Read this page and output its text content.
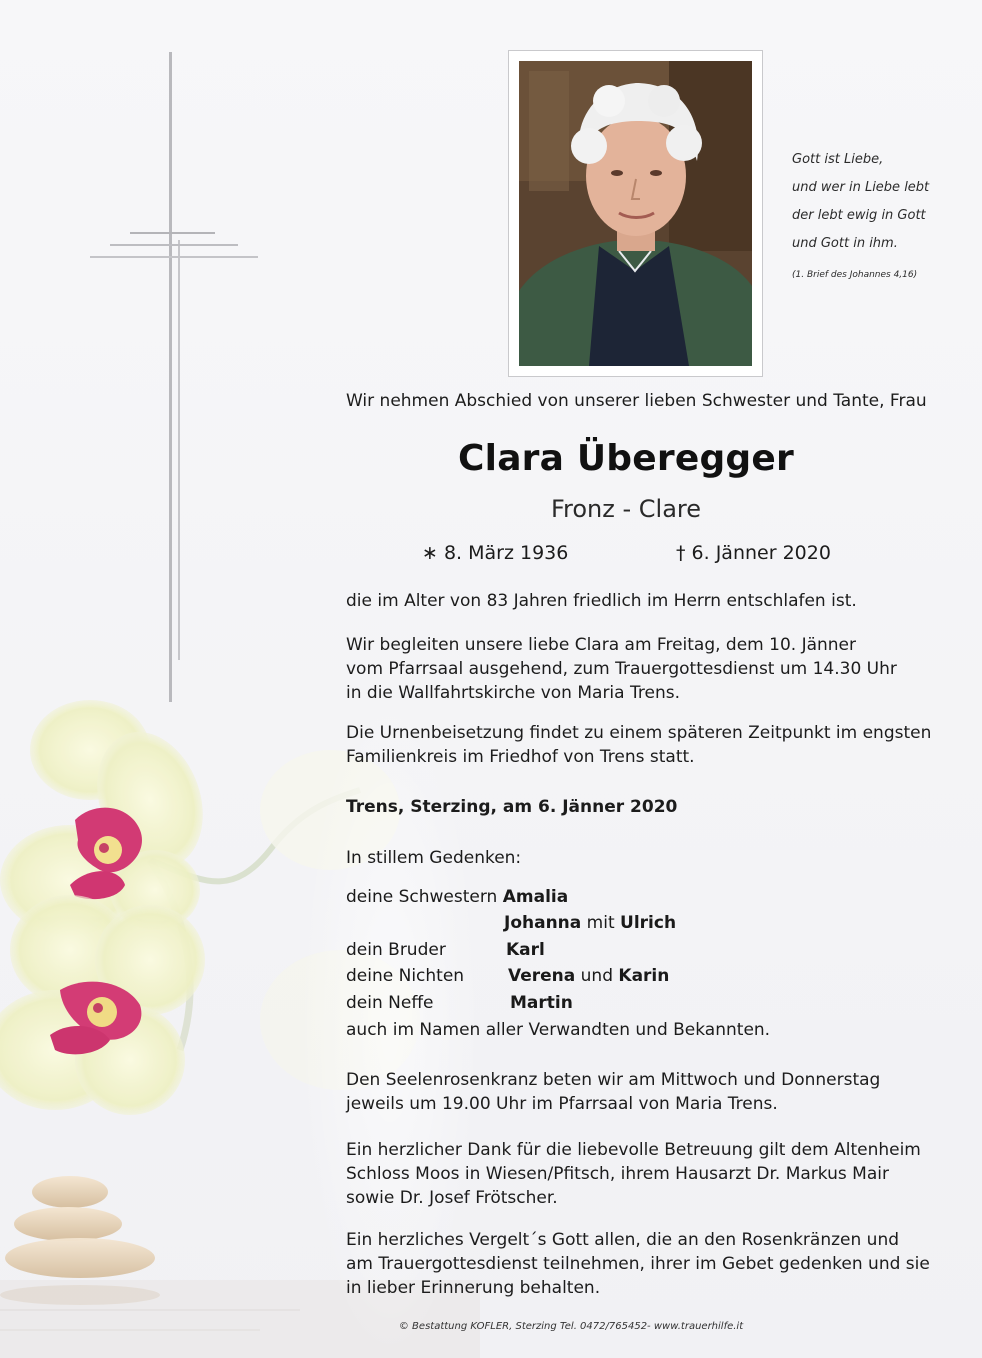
Gott ist Liebe,
und wer in Liebe lebt
der lebt ewig in Gott
und Gott in ihm.
(1. Brief des Johannes 4,16)
Wir nehmen Abschied von unserer lieben Schwester und Tante, Frau
Clara Überegger
Fronz - Clare
∗ 8. März 1936	† 6. Jänner 2020
die im Alter von 83 Jahren friedlich im Herrn entschlafen ist.
Wir begleiten unsere liebe Clara am Freitag, dem 10. Jänner
vom Pfarrsaal ausgehend, zum Trauergottesdienst um 14.30 Uhr
in die Wallfahrtskirche von Maria Trens.
Die Urnenbeisetzung findet zu einem späteren Zeitpunkt im engsten
Familienkreis im Friedhof von Trens statt.
Trens, Sterzing, am 6. Jänner 2020
In stillem Gedenken:
deine Schwestern Amalia
Johanna mit Ulrich
dein Bruder	Karl
deine Nichten	Verena und Karin
dein Neffe	Martin
auch im Namen aller Verwandten und Bekannten.
Den Seelenrosenkranz beten wir am Mittwoch und Donnerstag
jeweils um 19.00 Uhr im Pfarrsaal von Maria Trens.
Ein herzlicher Dank für die liebevolle Betreuung gilt dem Altenheim
Schloss Moos in Wiesen/Pfitsch, ihrem Hausarzt Dr. Markus Mair
sowie Dr. Josef Frötscher.
Ein herzliches Vergelt´s Gott allen, die an den Rosenkränzen und
am Trauergottesdienst teilnehmen, ihrer im Gebet gedenken und sie
in lieber Erinnerung behalten.
© Bestattung KOFLER, Sterzing Tel. 0472/765452- www.trauerhilfe.it
